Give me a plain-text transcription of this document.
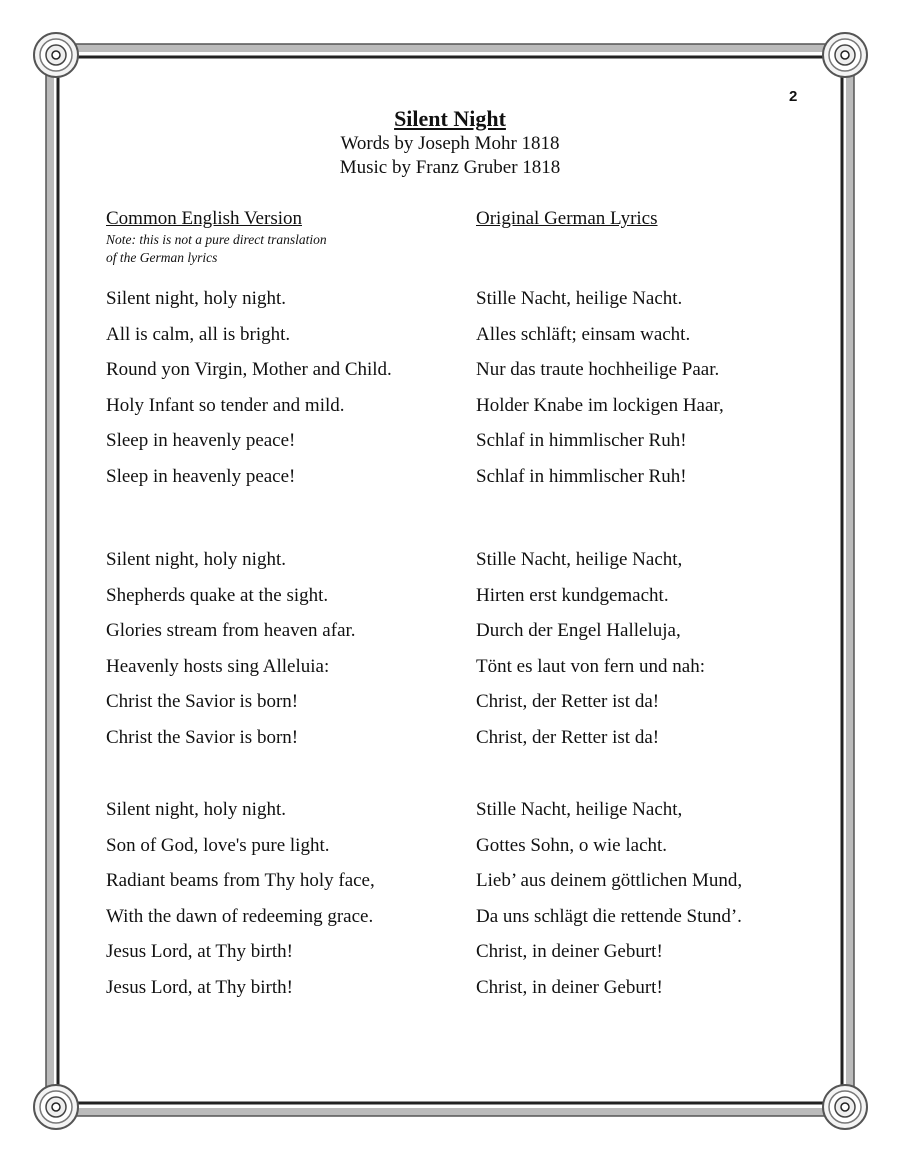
2
Silent Night
Words by Joseph Mohr 1818
Music by Franz Gruber 1818
Common English Version
Note: this is not a pure direct translation
of the German lyrics
Silent night, holy night.
All is calm, all is bright.
Round yon Virgin, Mother and Child.
Holy Infant so tender and mild.
Sleep in heavenly peace!
Sleep in heavenly peace!
Silent night, holy night.
Shepherds quake at the sight.
Glories stream from heaven afar.
Heavenly hosts sing Alleluia:
Christ the Savior is born!
Christ the Savior is born!
Silent night, holy night.
Son of God, love's pure light.
Radiant beams from Thy holy face,
With the dawn of redeeming grace.
Jesus Lord, at Thy birth!
Jesus Lord, at Thy birth!
Original German Lyrics
Stille Nacht, heilige Nacht.
Alles schläft; einsam wacht.
Nur das traute hochheilige Paar.
Holder Knabe im lockigen Haar,
Schlaf in himmlischer Ruh!
Schlaf in himmlischer Ruh!
Stille Nacht, heilige Nacht,
Hirten erst kundgemacht.
Durch der Engel Halleluja,
Tönt es laut von fern und nah:
Christ, der Retter ist da!
Christ, der Retter ist da!
Stille Nacht, heilige Nacht,
Gottes Sohn, o wie lacht.
Lieb’ aus deinem göttlichen Mund,
Da uns schlägt die rettende Stund’.
Christ, in deiner Geburt!
Christ, in deiner Geburt!
